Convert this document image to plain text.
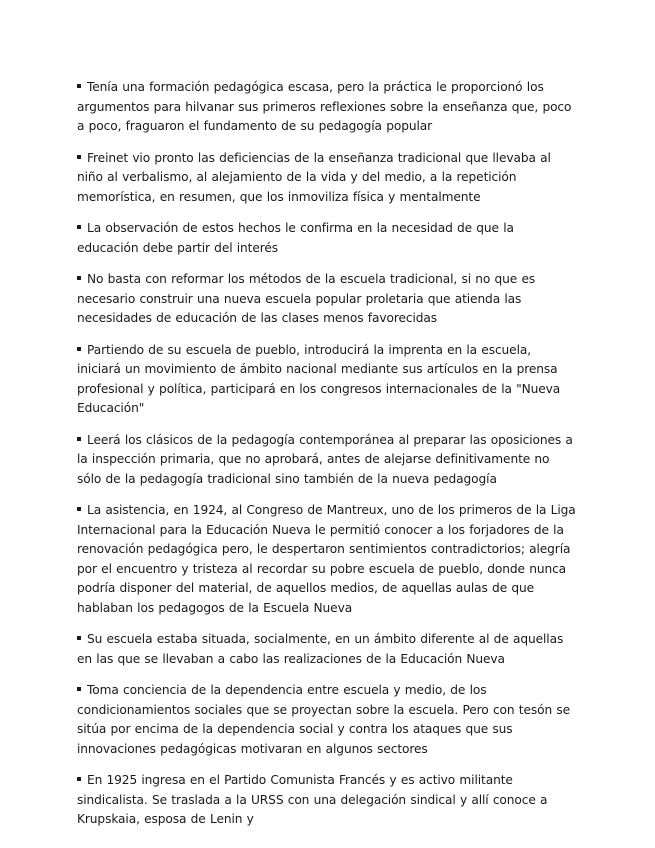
Tenía una formación pedagógica escasa, pero la práctica le proporcionó los argumentos para hilvanar sus primeros reflexiones sobre la enseñanza que, poco a poco, fraguaron el fundamento de su pedagogía popular

Freinet vio pronto las deficiencias de la enseñanza tradicional que llevaba al niño al verbalismo, al alejamiento de la vida y del medio, a la repetición memorística, en resumen, que los inmoviliza física y mentalmente

La observación de estos hechos le confirma en la necesidad de que la educación debe partir del interés

No basta con reformar los métodos de la escuela tradicional, si no que es necesario construir una nueva escuela popular proletaria que atienda las necesidades de educación de las clases menos favorecidas

Partiendo de su escuela de pueblo, introducirá la imprenta en la escuela, iniciará un movimiento de ámbito nacional mediante sus artículos en la prensa profesional y política, participará en los congresos internacionales de la "Nueva Educación"

Leerá los clásicos de la pedagogía contemporánea al preparar las oposiciones a la inspección primaria, que no aprobará, antes de alejarse definitivamente no sólo de la pedagogía tradicional sino también de la nueva pedagogía

La asistencia, en 1924, al Congreso de Mantreux, uno de los primeros de la Liga Internacional para la Educación Nueva le permitió conocer a los forjadores de la renovación pedagógica pero, le despertaron sentimientos contradictorios; alegría por el encuentro y tristeza al recordar su pobre escuela de pueblo, donde nunca podría disponer del material, de aquellos medios, de aquellas aulas de que hablaban los pedagogos de la Escuela Nueva

Su escuela estaba situada, socialmente, en un ámbito diferente al de aquellas en las que se llevaban a cabo las realizaciones de la Educación Nueva

Toma conciencia de la dependencia entre escuela y medio, de los condicionamientos sociales que se proyectan sobre la escuela. Pero con tesón se sitúa por encima de la dependencia social y contra los ataques que sus innovaciones pedagógicas motivaran en algunos sectores

En 1925 ingresa en el Partido Comunista Francés y es activo militante sindicalista. Se traslada a la URSS con una delegación sindical y allí conoce a Krupskaia, esposa de Lenin y
